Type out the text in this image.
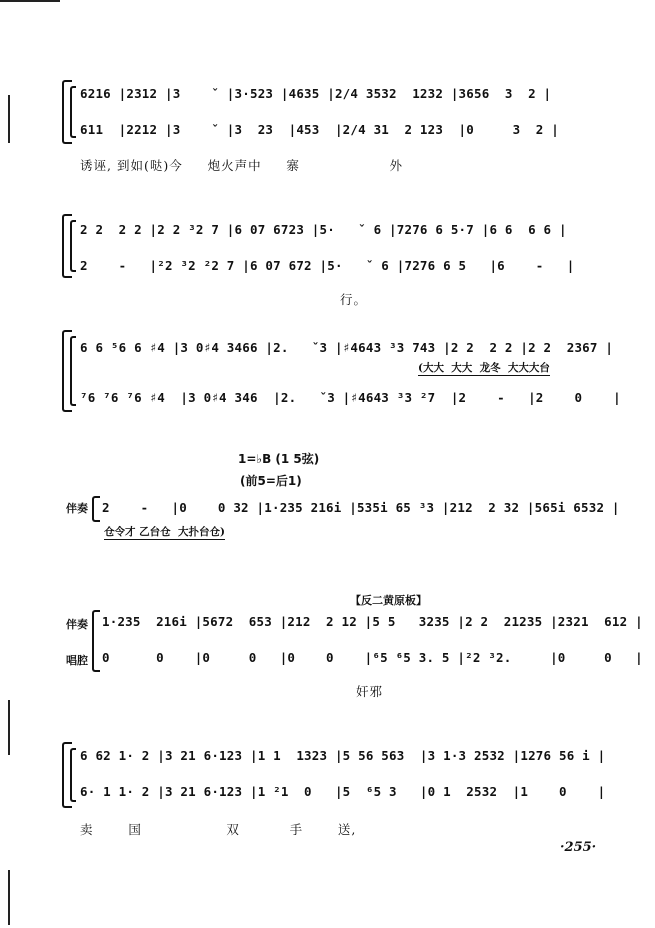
6216 |2312 |3    ˇ |3·523 |4635 |2/4 3532  1232 |3656  3  2 |
611  |2212 |3    ˇ |3  23  |453  |2/4 31  2 123  |0     3  2 |
诱诬, 到如(哒)今     炮火声中     寨                  外
2 2  2 2 |2 2 ³2 7 |6 07 6723 |5·   ˇ 6 |7276 6 5·7 |6 6  6 6 |
2    -   |²2 ³2 ²2 7 |6 07 672 |5·   ˇ 6 |7276 6 5   |6    -   |
行。
6 6 ⁵6 6 ♯4 |3 0♯4 3466 |2.   ˇ3 |♯4643 ³3 743 |2 2  2 2 |2 2  2367 |
(大大  大大  龙冬  大大大台
⁷6 ⁷6 ⁷6 ♯4  |3 0♯4 346  |2.   ˇ3 |♯4643 ³3 ²7  |2    -   |2    0    |
1=♭B (1 5弦)
(前5=后1)
伴奏 2    -   |0    0 32 |1·235 216i |535i 65 ³3 |212  2 32 |565i 6532 |
仓令才 乙台仓  大扑台仓)
【反二黄原板】
伴奏
唱腔
1·235  216i |5672  653 |212  2 12 |5 5   3235 |2 2  21235 |2321  612 |
0      0    |0     0   |0    0    |⁶5 ⁶5 3. 5 |²2 ³2.     |0     0   |
奸邪
6 62 1· 2 |3 21 6·123 |1 1  1323 |5 56 563  |3 1·3 2532 |1276 56 i |
6· 1 1· 2 |3 21 6·123 |1 ²1  0   |5  ⁶5 3   |0 1  2532  |1    0    |
卖       国                 双          手       送,
·255·
